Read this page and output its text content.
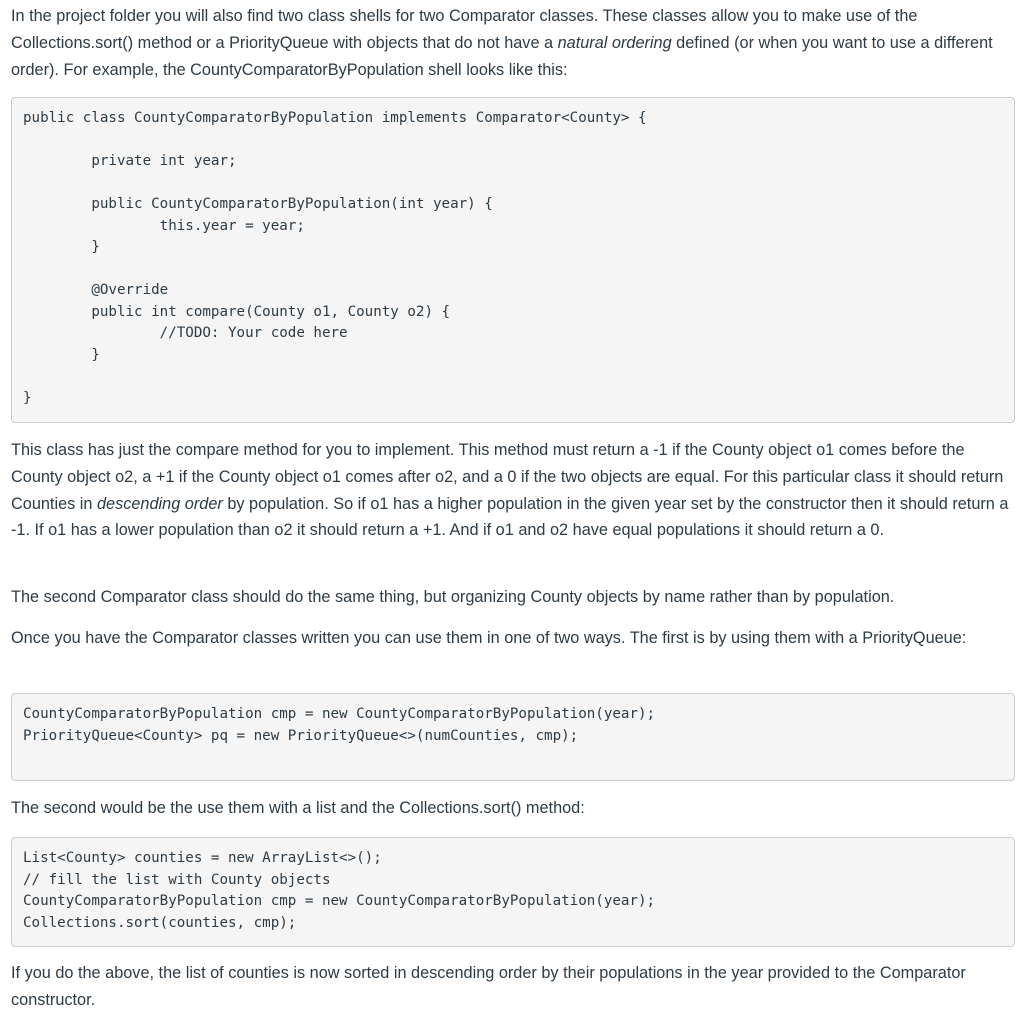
In the project folder you will also find two class shells for two Comparator classes. These classes allow you to make use of the Collections.sort() method or a PriorityQueue with objects that do not have a natural ordering defined (or when you want to use a different order). For example, the CountyComparatorByPopulation shell looks like this:

public class CountyComparatorByPopulation implements Comparator<County> {

private int year;

public CountyComparatorByPopulation(int year) {
this.year = year;
}

@Override
public int compare(County o1, County o2) {
//TODO: Your code here
}

}

This class has just the compare method for you to implement. This method must return a -1 if the County object o1 comes before the County object o2, a +1 if the County object o1 comes after o2, and a 0 if the two objects are equal. For this particular class it should return Counties in descending order by population. So if o1 has a higher population in the given year set by the constructor then it should return a -1. If o1 has a lower population than o2 it should return a +1. And if o1 and o2 have equal populations it should return a 0.

The second Comparator class should do the same thing, but organizing County objects by name rather than by population.

Once you have the Comparator classes written you can use them in one of two ways. The first is by using them with a PriorityQueue:

CountyComparatorByPopulation cmp = new CountyComparatorByPopulation(year);
PriorityQueue<County> pq = new PriorityQueue<>(numCounties, cmp);

The second would be the use them with a list and the Collections.sort() method:

List<County> counties = new ArrayList<>();
// fill the list with County objects
CountyComparatorByPopulation cmp = new CountyComparatorByPopulation(year);
Collections.sort(counties, cmp);

If you do the above, the list of counties is now sorted in descending order by their populations in the year provided to the Comparator constructor.
